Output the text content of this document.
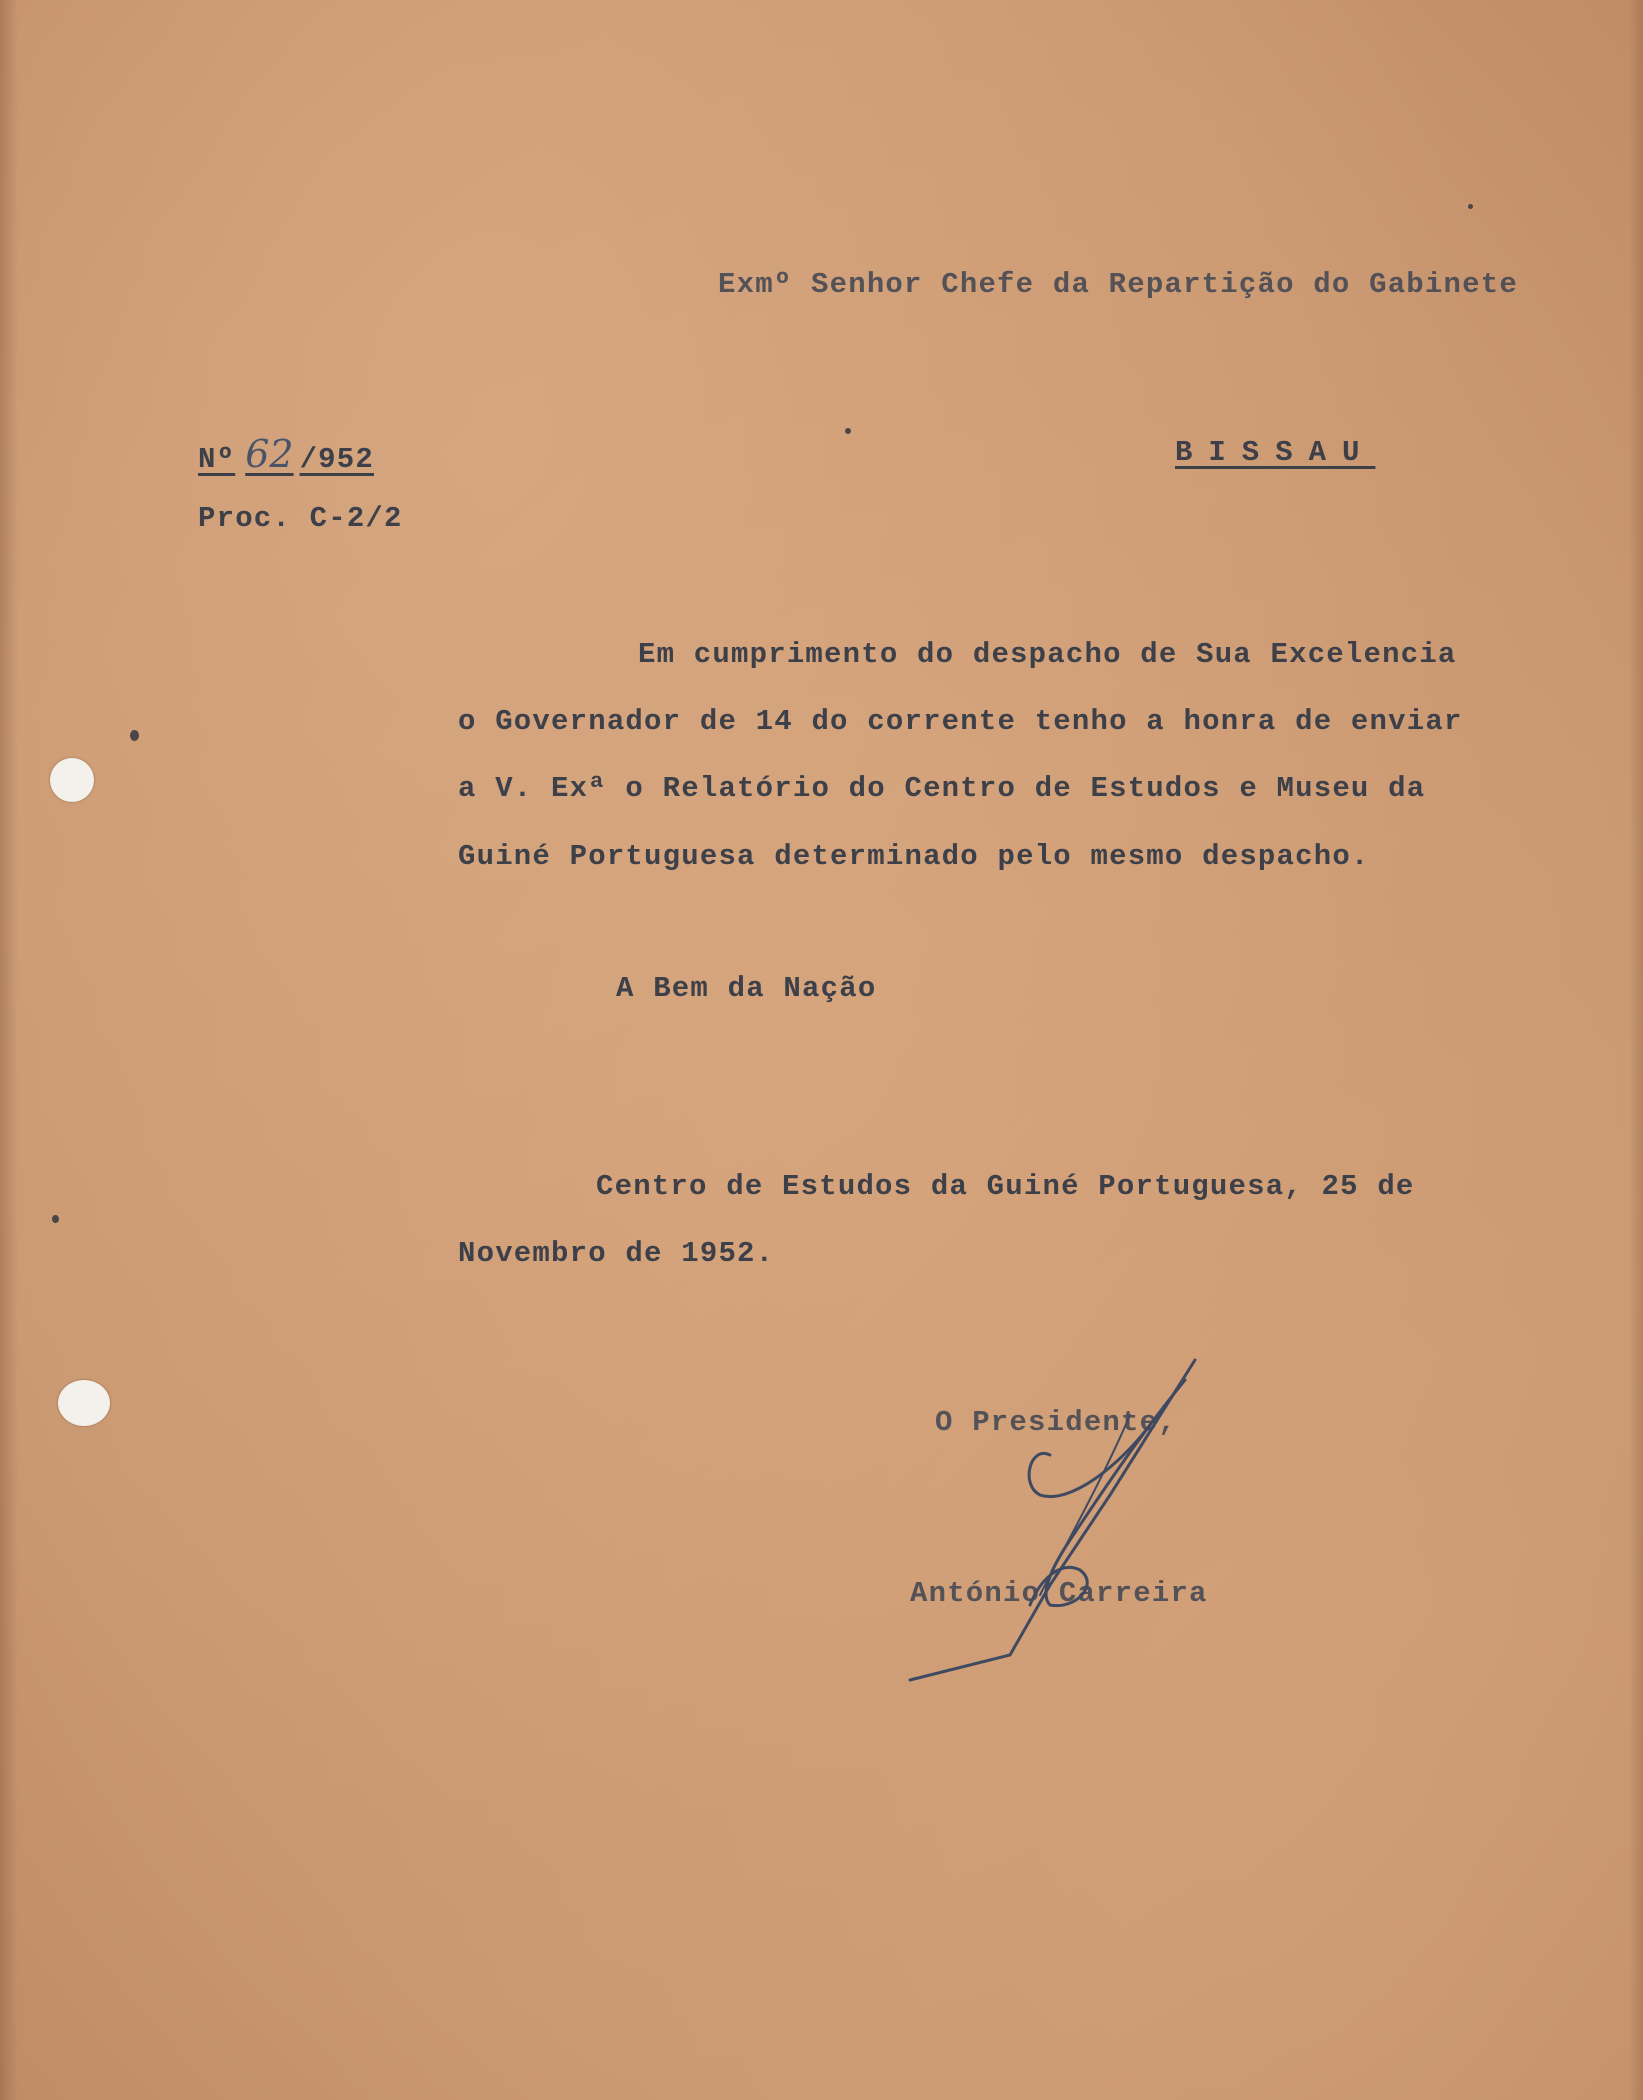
Exmº Senhor Chefe da Repartição do Gabinete
Nº 62 /952
Proc. C-2/2
BISSAU
Em cumprimento do despacho de Sua Excelencia
o Governador de 14 do corrente tenho a honra de enviar
a V. Exª o Relatório do Centro de Estudos e Museu da
Guiné Portuguesa determinado pelo mesmo despacho.
A Bem da Nação
Centro de Estudos da Guiné Portuguesa, 25 de
Novembro de 1952.
O Presidente,
António Carreira
